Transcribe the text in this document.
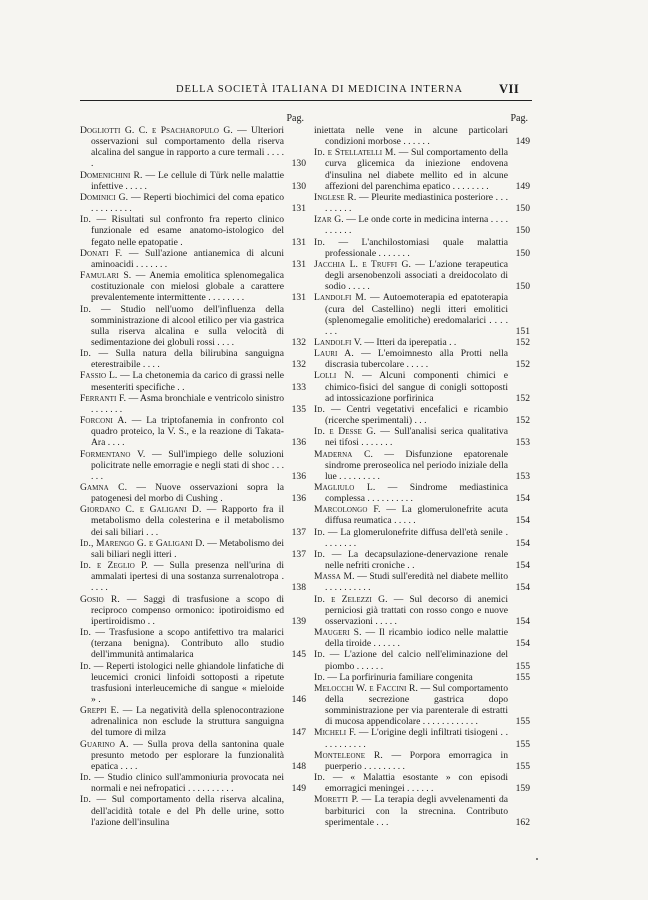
DELLA SOCIETÀ ITALIANA DI MEDICINA INTERNA	VII
Pag.
Dogliotti G. C. e Psacharopulo G. — Ulteriori osservazioni sul comportamento della riserva alcalina del sangue in rapporto a cure termali . . . . .	130
Domenichini R. — Le cellule di Türk nelle malattie infettive . . . . .	130
Dominici G. — Reperti biochimici del coma epatico . . . . . . . . .	131
Id. — Risultati sul confronto fra reperto clinico funzionale ed esame anatomo-istologico del fegato nelle epatopatie .	131
Donati F. — Sull'azione antianemica di alcuni aminoacidi . . . . . . .	131
Famulari S. — Anemia emolitica splenomegalica costituzionale con mielosi globale a carattere prevalentemente intermittente . . . . . . . .	131
Id. — Studio nell'uomo dell'influenza della somministrazione di alcool etilico per via gastrica sulla riserva alcalina e sulla velocità di sedimentazione dei globuli rossi . . . .	132
Id. — Sulla natura della bilirubina sanguigna eterestraibile . . . .	132
Fassio L. — La chetonemia da carico di grassi nelle mesenteriti specifiche . .	133
Ferranti F. — Asma bronchiale e ventricolo sinistro . . . . . . .	135
Forconi A. — La triptofanemia in confronto col quadro proteico, la V. S., e la reazione di Takata-Ara . . . .	136
Formentano V. — Sull'impiego delle soluzioni policitrate nelle emorragie e negli stati di shoc . . . . . .	136
Gamna C. — Nuove osservazioni sopra la patogenesi del morbo di Cushing .	136
Giordano C. e Galigani D. — Rapporto fra il metabolismo della colesterina e il metabolismo dei sali biliari . . .	137
Id., Marengo G. e Galigani D. — Metabolismo dei sali biliari negli itteri .	137
Id. e Zeglio P. — Sulla presenza nell'urina di ammalati ipertesi di una sostanza surrenalotropa . . . . .	138
Gosio R. — Saggi di trasfusione a scopo di reciproco compenso ormonico: ipotiroidismo ed ipertiroidismo . .	139
Id. — Trasfusione a scopo antifettivo tra malarici (terzana benigna). Contributo allo studio dell'immunità antimalarica	145
Id. — Reperti istologici nelle ghiandole linfatiche di leucemici cronici linfoidi sottoposti a ripetute trasfusioni interleucemiche di sangue « mieloide » .	146
Greppi E. — La negatività della splenocontrazione adrenalinica non esclude la struttura sanguigna del tumore di milza	147
Guarino A. — Sulla prova della santonina quale presunto metodo per esplorare la funzionalità epatica . . . .	148
Id. — Studio clinico sull'ammoniuria provocata nei normali e nei nefropatici . . . . . . . . . .	149
Id. — Sul comportamento della riserva alcalina, dell'acidità totale e del Ph delle urine, sotto l'azione dell'insulina
Pag.
iniettata nelle vene in alcune particolari condizioni morbose . . . . . .	149
Id. e Stellatelli M. — Sul comportamento della curva glicemica da iniezione endovena d'insulina nel diabete mellito ed in alcune affezioni del parenchima epatico . . . . . . . .	149
Inglese R. — Pleurite mediastinica posteriore . . . . . . . . .	150
Izar G. — Le onde corte in medicina interna . . . . . . . . . .	150
Id. — L'anchilostomiasi quale malattia professionale . . . . . . .	150
Jacchia L. e Truffi G. — L'azione terapeutica degli arsenobenzoli associati a dreidocolato di sodio . . . . .	150
Landolfi M. — Autoemoterapia ed epatoterapia (cura del Castellino) negli itteri emolitici (splenomegalie emolitiche) eredomalarici . . . . . . .	151
Landolfi V. — Itteri da iperepatia . .	152
Lauri A. — L'emoimnesto alla Protti nella discrasia tubercolare . . . . .	152
Lolli N. — Alcuni componenti chimici e chimico-fisici del sangue di conigli sottoposti ad intossicazione porfirinica	152
Id. — Centri vegetativi encefalici e ricambio (ricerche sperimentali) . . .	152
Id. e Desse G. — Sull'analisi serica qualitativa nei tifosi . . . . . . .	153
Maderna C. — Disfunzione epatorenale sindrome preroseolica nel periodo iniziale della lue . . . . . . . . .	153
Magliulo L. — Sindrome mediastinica complessa . . . . . . . . . .	154
Marcolongo F. — La glomerulonefrite acuta diffusa reumatica . . . . .	154
Id. — La glomerulonefrite diffusa dell'età senile . . . . . . . .	154
Id. — La decapsulazione-denervazione renale nelle nefriti croniche . .	154
Massa M. — Studi sull'eredità nel diabete mellito . . . . . . . . . .	154
Id. e Zelezzi G. — Sul decorso di anemici perniciosi già trattati con rosso congo e nuove osservazioni . . . . .	154
Maugeri S. — Il ricambio iodico nelle malattie della tiroide . . . . . .	154
Id. — L'azione del calcio nell'eliminazione del piombo . . . . . .	155
Id. — La porfirinuria familiare congenita	155
Melocchi W. e Faccini R. — Sul comportamento della secrezione gastrica dopo somministrazione per via parenterale di estratti di mucosa appendicolare . . . . . . . . . . . .	155
Micheli F. — L'origine degli infiltrati tisiogeni . . . . . . . . . . .	155
Monteleone R. — Porpora emorragica in puerperio . . . . . . . . .	155
Id. — « Malattia esostante » con episodi emorragici meningei . . . . . .	159
Moretti P. — La terapia degli avvelenamenti da barbiturici con la strecnina. Contributo sperimentale . . .	162
